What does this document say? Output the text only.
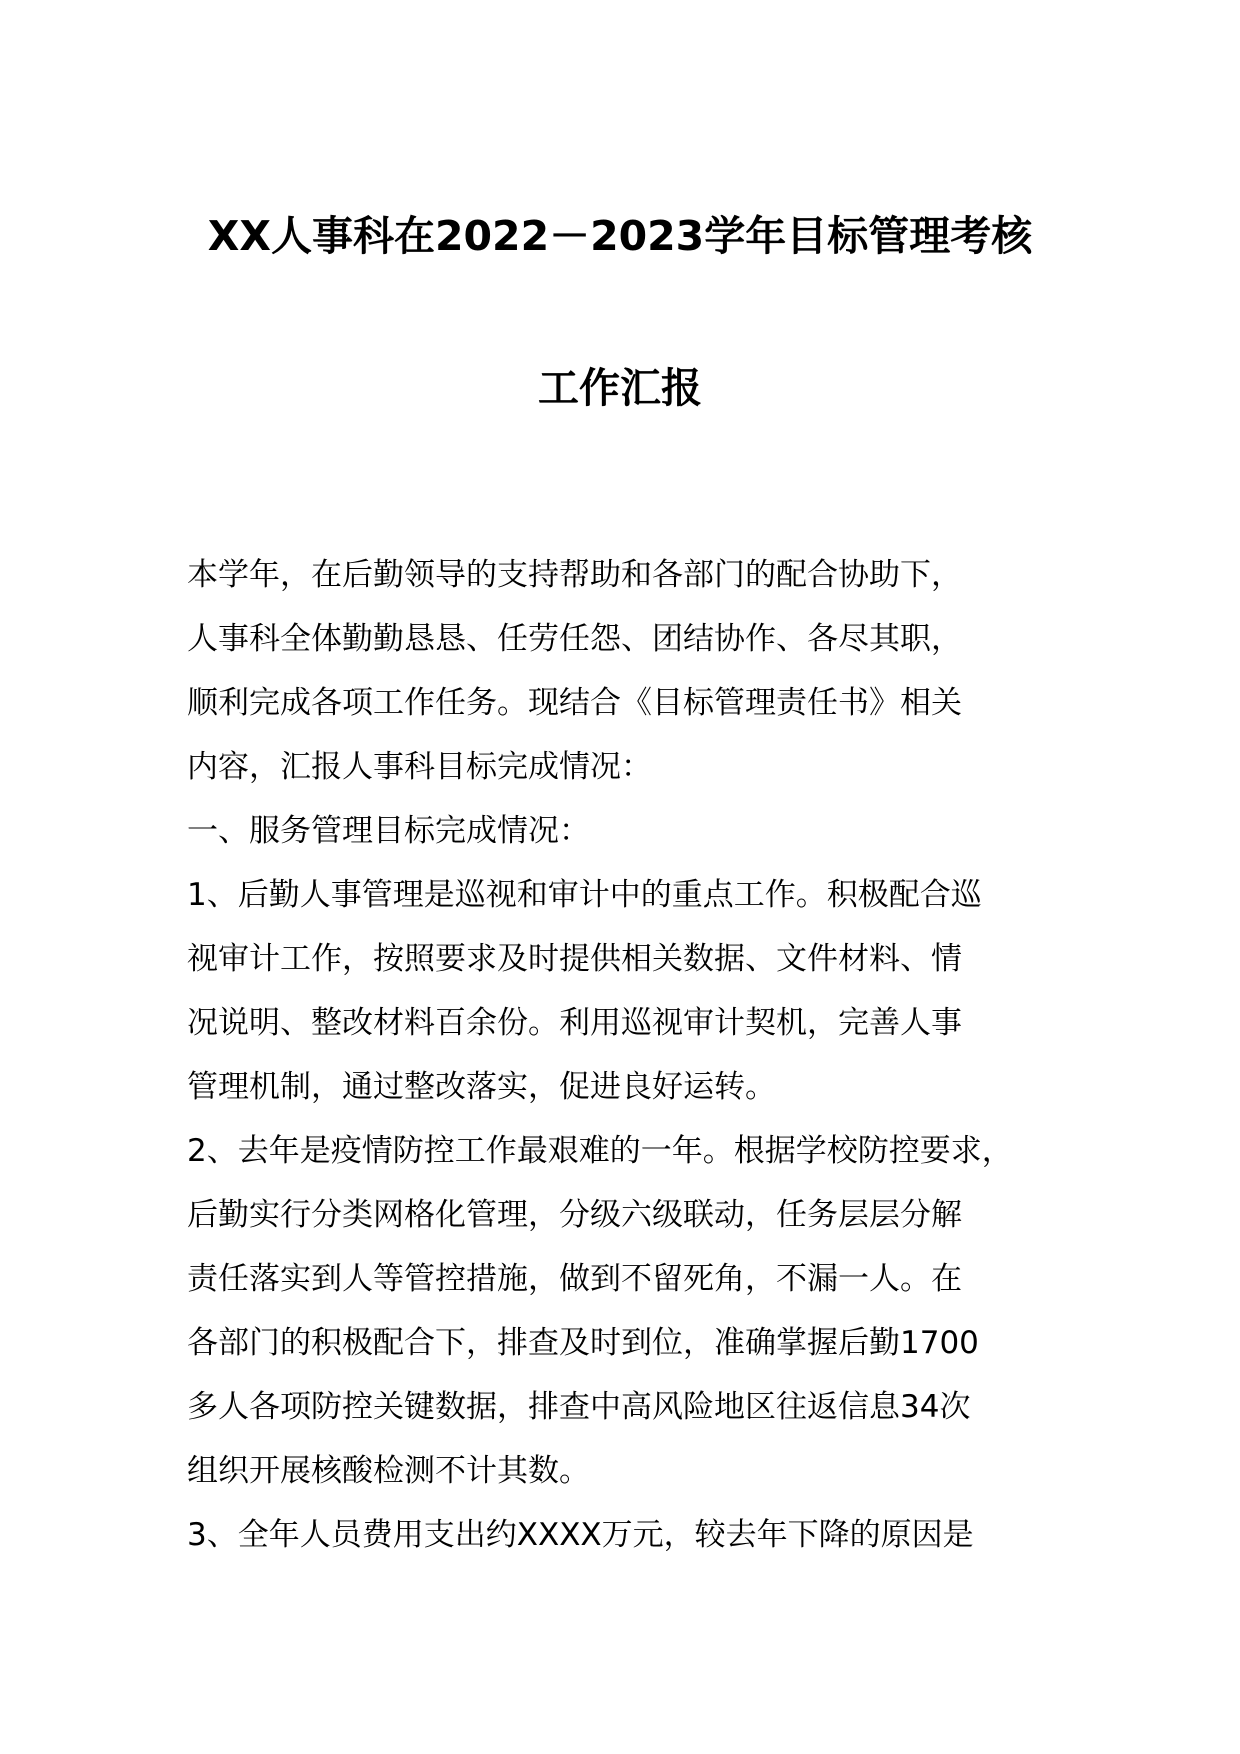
XX人事科在2022－2023学年目标管理考核
工作汇报
本学年，在后勤领导的支持帮助和各部门的配合协助下，
人事科全体勤勤恳恳、任劳任怨、团结协作、各尽其职，
顺利完成各项工作任务。现结合《目标管理责任书》相关
内容，汇报人事科目标完成情况：
一、服务管理目标完成情况：
1、后勤人事管理是巡视和审计中的重点工作。积极配合巡
视审计工作，按照要求及时提供相关数据、文件材料、情
况说明、整改材料百余份。利用巡视审计契机，完善人事
管理机制，通过整改落实，促进良好运转。
2、去年是疫情防控工作最艰难的一年。根据学校防控要求，
后勤实行分类网格化管理，分级六级联动，任务层层分解
责任落实到人等管控措施，做到不留死角，不漏一人。在
各部门的积极配合下，排查及时到位，准确掌握后勤1700
多人各项防控关键数据，排查中高风险地区往返信息34次
组织开展核酸检测不计其数。
3、全年人员费用支出约XXXX万元，较去年下降的原因是
